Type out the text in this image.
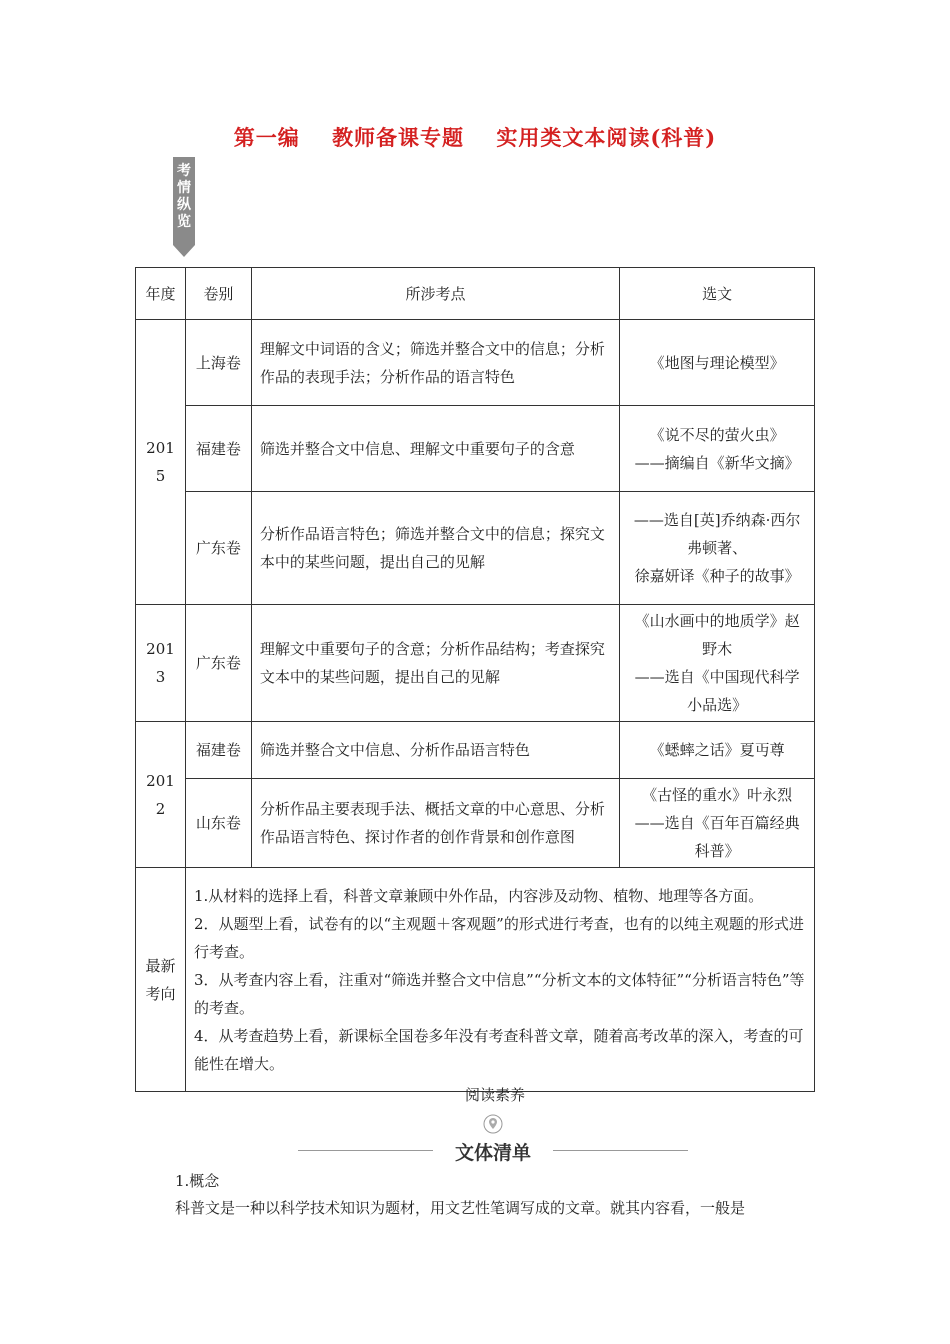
第一编 教师备课专题 实用类文本阅读(科普)
考
情
纵
览
年度	卷别	所涉考点	选文
2015	上海卷	理解文中词语的含义；筛选并整合文中的信息；分析作品的表现手法；分析作品的语言特色	《地图与理论模型》

	福建卷	筛选并整合文中信息、理解文中重要句子的含意	《说不尽的萤火虫》
——摘编自《新华文摘》

	广东卷	分析作品语言特色；筛选并整合文中的信息；探究文本中的某些问题，提出自己的见解	——选自[英]乔纳森·西尔弗顿著、
徐嘉妍译《种子的故事》

2013	广东卷	理解文中重要句子的含意；分析作品结构；考查探究文本中的某些问题，提出自己的见解	《山水画中的地质学》赵野木
——选自《中国现代科学小品选》

2012	福建卷	筛选并整合文中信息、分析作品语言特色	《蟋蟀之话》夏丏尊

	山东卷	分析作品主要表现手法、概括文章的中心意思、分析作品语言特色、探讨作者的创作背景和创作意图	《古怪的重水》叶永烈
——选自《百年百篇经典科普》

最新考向	1.从材料的选择上看，科普文章兼顾中外作品，内容涉及动物、植物、地理等各方面。
2．从题型上看，试卷有的以“主观题＋客观题”的形式进行考查，也有的以纯主观题的形式进行考查。
3．从考查内容上看，注重对“筛选并整合文中信息”“分析文本的文体特征”“分析语言特色”等的考查。
4．从考查趋势上看，新课标全国卷多年没有考查科普文章，随着高考改革的深入，考查的可能性在增大。		
阅读素养
文体清单
1.概念
科普文是一种以科学技术知识为题材，用文艺性笔调写成的文章。就其内容看，一般是
